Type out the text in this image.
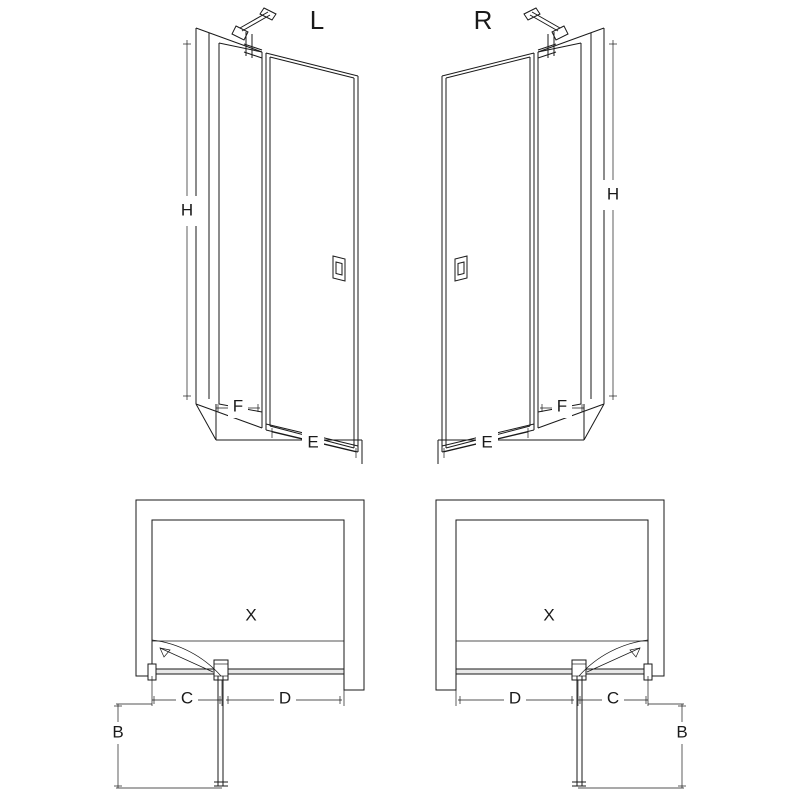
H
F
E
L
H
F
E
R
X
C	D
B
X
D	C
B
